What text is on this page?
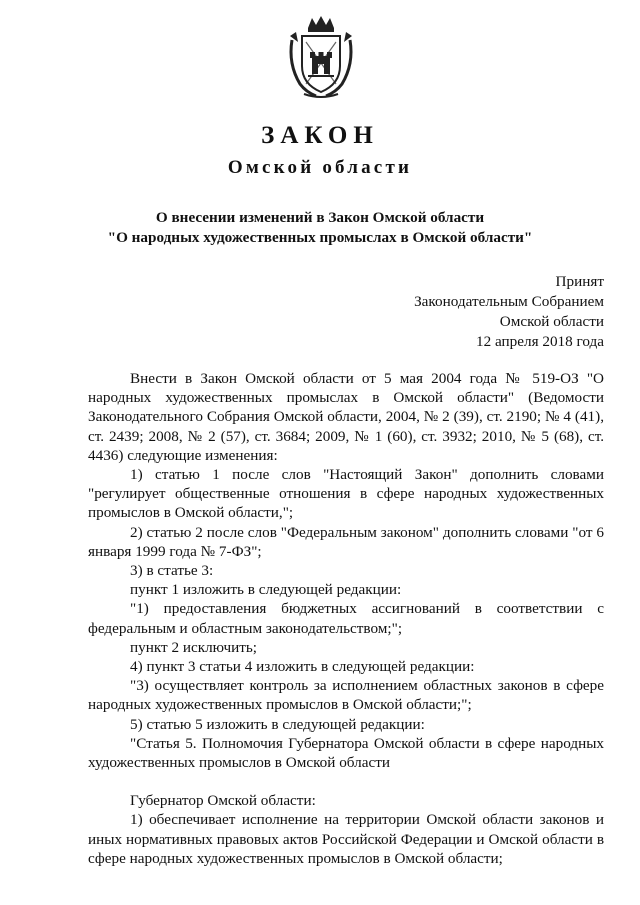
ЗАКОН
Омской области
О внесении изменений в Закон Омской области
"О народных художественных промыслах в Омской области"
Принят
Законодательным Собранием
Омской области
12 апреля 2018 года

Внести в Закон Омской области от 5 мая 2004 года № 519-ОЗ "О народных художественных промыслах в Омской области" (Ведомости Законодательного Собрания Омской области, 2004, № 2 (39), ст. 2190; № 4 (41), ст. 2439; 2008, № 2 (57), ст. 3684; 2009, № 1 (60), ст. 3932; 2010, № 5 (68), ст. 4436) следующие изменения:

1) статью 1 после слов "Настоящий Закон" дополнить словами "регулирует общественные отношения в сфере народных художественных промыслов в Омской области,";

2) статью 2 после слов "Федеральным законом" дополнить словами "от 6 января 1999 года № 7-ФЗ";

3) в статье 3:

пункт 1 изложить в следующей редакции:

"1) предоставления бюджетных ассигнований в соответствии с федеральным и областным законодательством;";

пункт 2 исключить;

4) пункт 3 статьи 4 изложить в следующей редакции:

"3) осуществляет контроль за исполнением областных законов в сфере народных художественных промыслов в Омской области;";

5) статью 5 изложить в следующей редакции:

"Статья 5. Полномочия Губернатора Омской области в сфере народных художественных промыслов в Омской области

Губернатор Омской области:

1) обеспечивает исполнение на территории Омской области законов и иных нормативных правовых актов Российской Федерации и Омской области в сфере народных художественных промыслов в Омской области;
